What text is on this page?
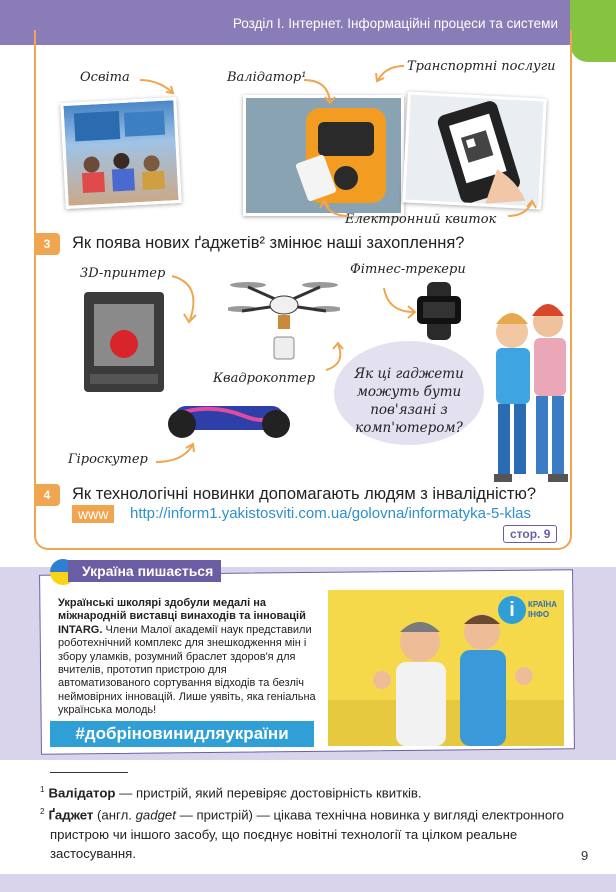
Розділ І. Інтернет. Інформаційні процеси та системи
Освіта	Валідатор¹
Транспортні послуги
Електронний квиток
3	Як поява нових ґаджетів² змінює наші захоплення?
3D-принтер	Фітнес-трекери
Квадрокоптер
Гіроскутер
Як ці гаджети можуть бути пов'язані з комп'ютером?
4	Як технологічні новинки допомагають людям з інвалідністю?
www	http://inform1.yakistosviti.com.ua/golovna/informatyka-5-klas
стор. 9
Україна пишається
Українські школярі здобули медалі на міжнародній виставці винаходів та інновацій INTARG. Члени Малої академії наук представили роботехнічний комплекс для знешкодження мін і збору уламків, розумний браслет здоров'я для вчителів, прототип пристрою для автоматизованого сортування відходів та безліч неймовірних інновацій. Лише уявіть, яка геніальна українська молодь!
#добріновинидляукраїни
i	КРАЇНА
ІНФО
$^1$ Валідатор — пристрій, який перевіряє достовірність квитків.
$^2$ Ґаджет (англ. gadget — пристрій) — цікава технічна новинка у вигляді електронного пристрою чи іншого засобу, що поєднує новітні технології та цілком реальне застосування.	9
